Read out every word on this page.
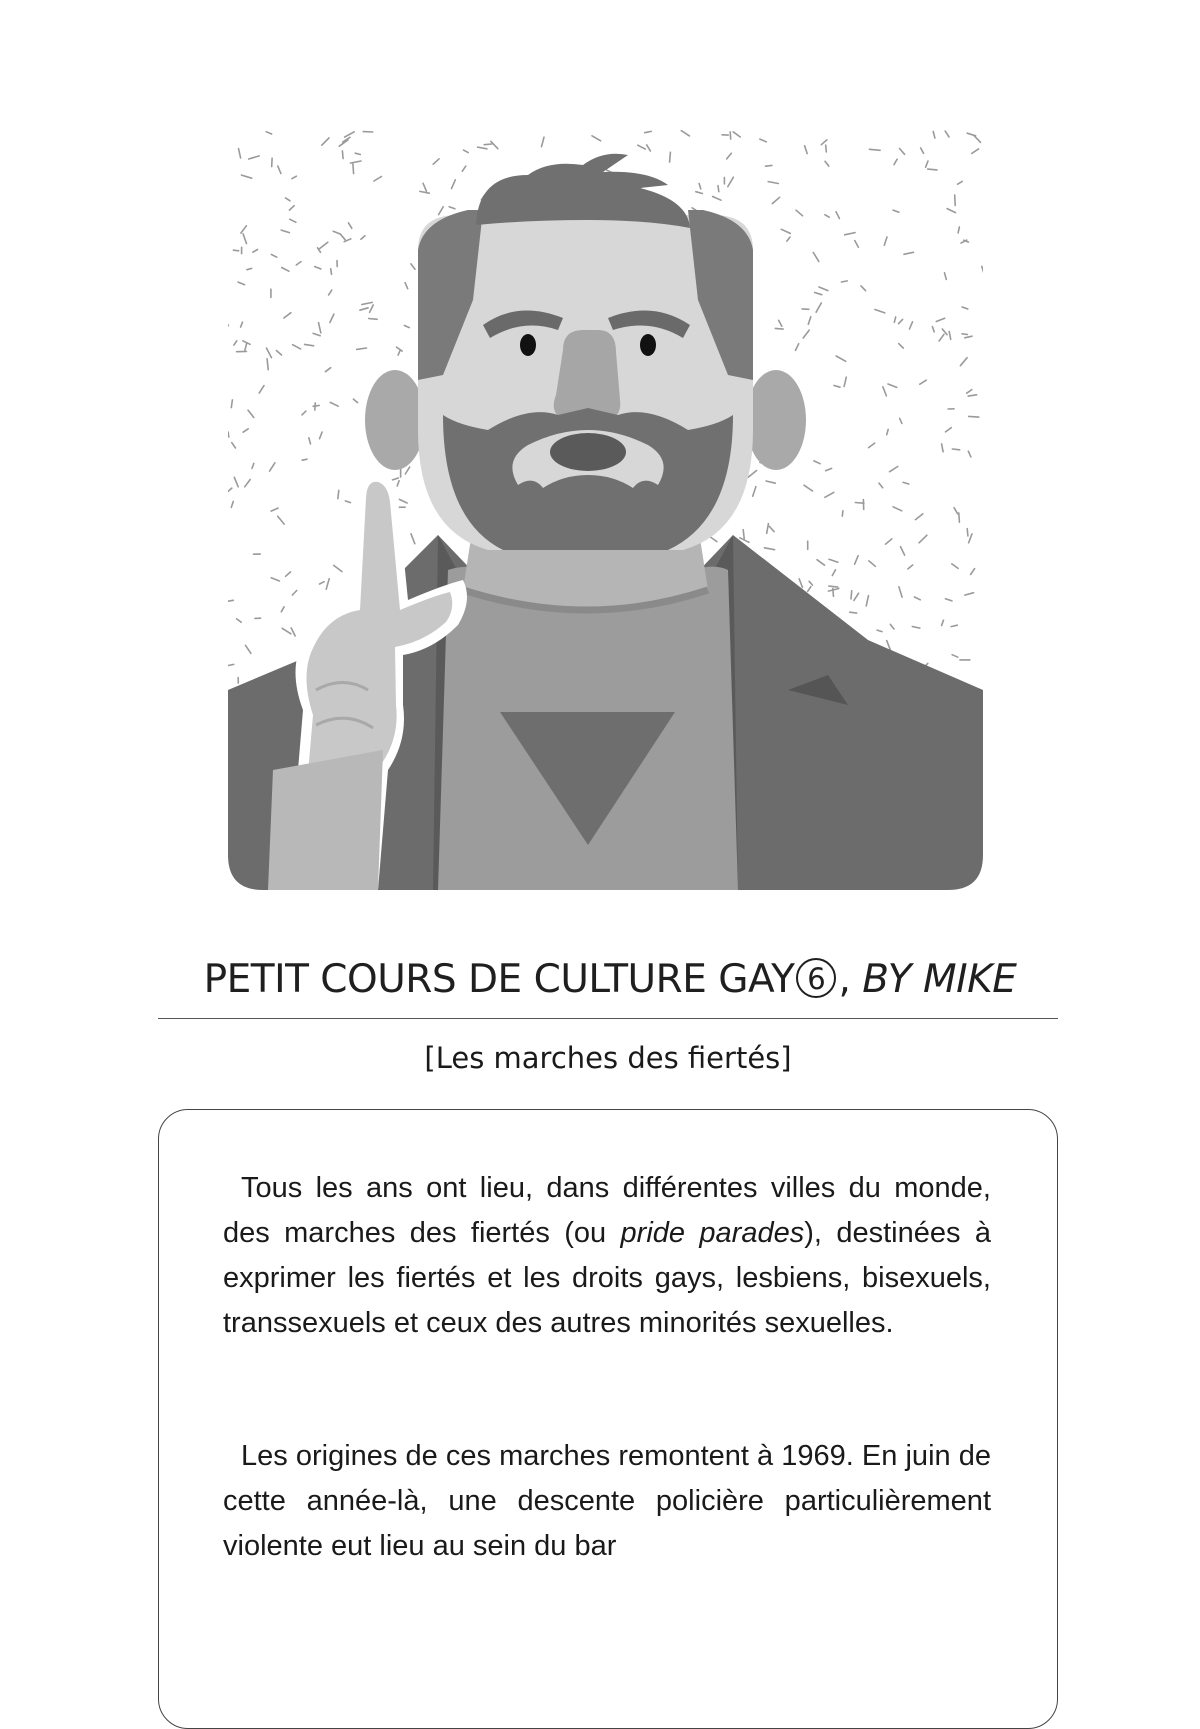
PETIT COURS DE CULTURE GAY 6 , BY MIKE
[Les marches des fiertés]

Tous les ans ont lieu, dans différentes villes du monde, des marches des fiertés (ou pride parades), destinées à exprimer les fiertés et les droits gays, lesbiens, bisexuels, transsexuels et ceux des autres minorités sexuelles.

Les origines de ces marches remontent à 1969. En juin de cette année-là, une descente policière particulièrement violente eut lieu au sein du bar
